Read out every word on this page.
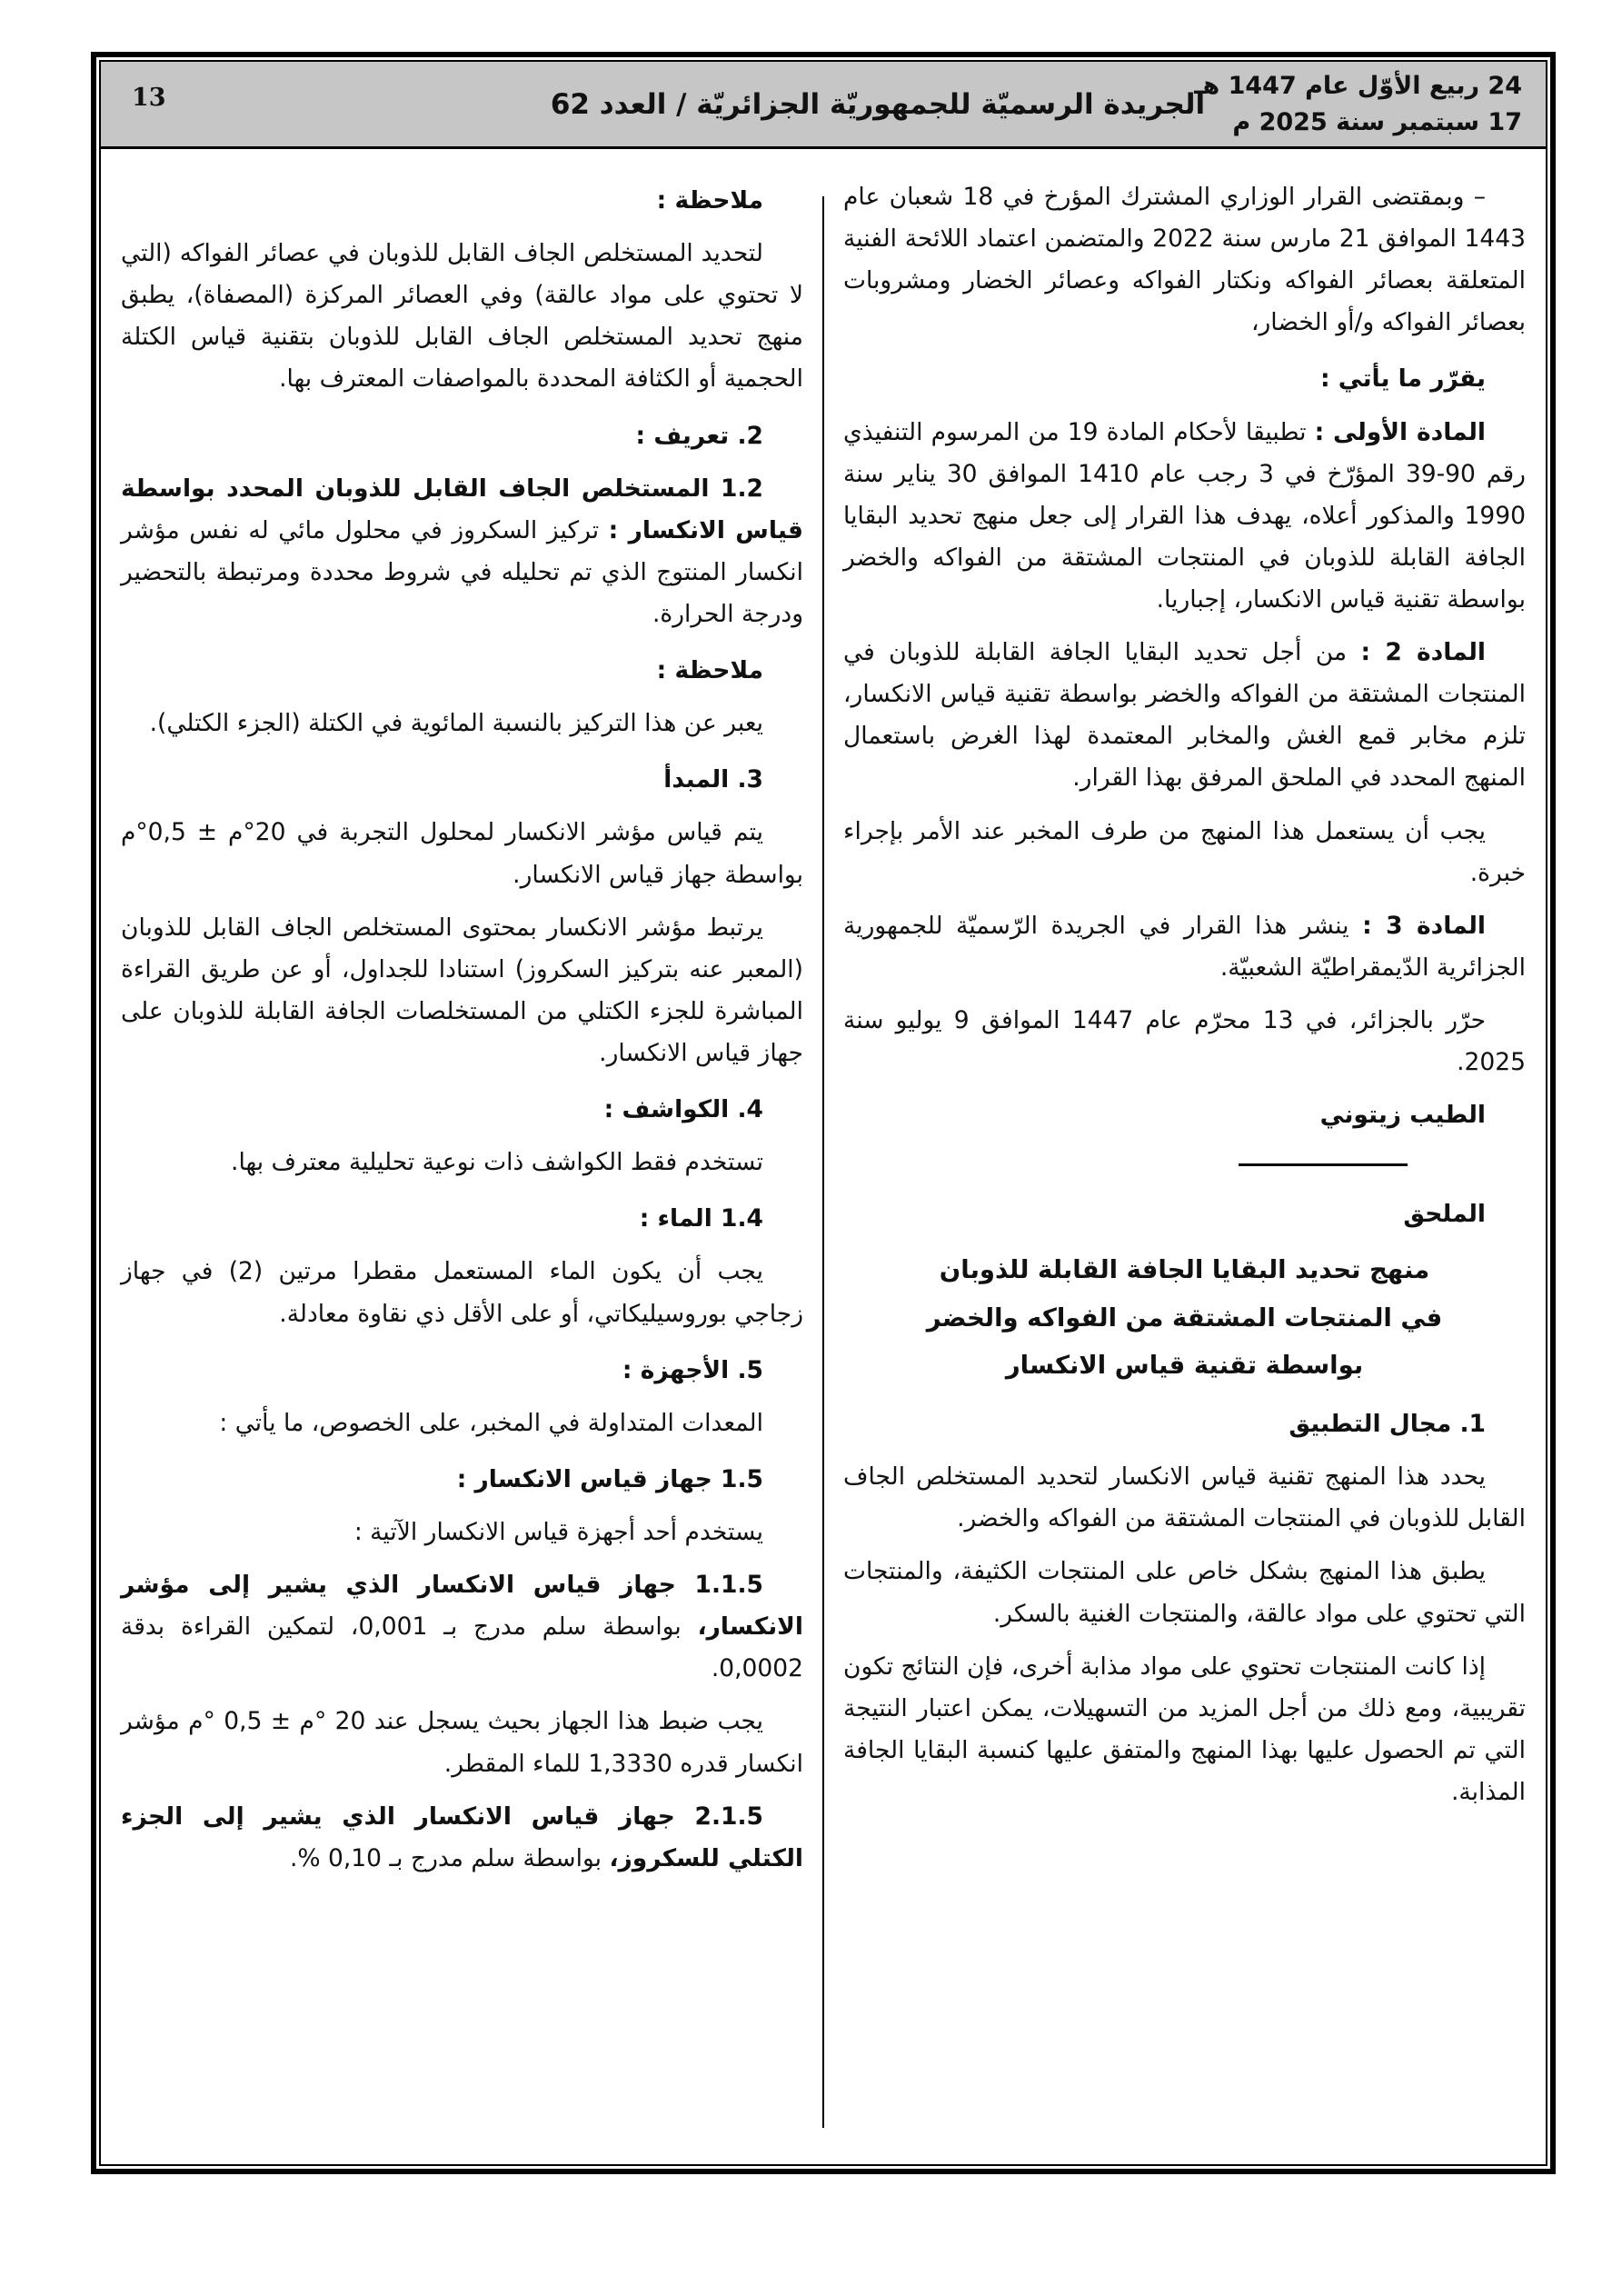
24 ربيع الأوّل عام 1447 هـ
17 سبتمبر سنة 2025 م
الجريدة الرسميّة للجمهوريّة الجزائريّة / العدد 62
13

– وبمقتضى القرار الوزاري المشترك المؤرخ في 18 شعبان عام 1443 الموافق 21 مارس سنة 2022 والمتضمن اعتماد اللائحة الفنية المتعلقة بعصائر الفواكه ونكتار الفواكه وعصائر الخضار ومشروبات بعصائر الفواكه و/أو الخضار،

يقرّر ما يأتي :

المادة الأولى : تطبيقا لأحكام المادة 19 من المرسوم التنفيذي رقم 90-39 المؤرّخ في 3 رجب عام 1410 الموافق 30 يناير سنة 1990 والمذكور أعلاه، يهدف هذا القرار إلى جعل منهج تحديد البقايا الجافة القابلة للذوبان في المنتجات المشتقة من الفواكه والخضر بواسطة تقنية قياس الانكسار، إجباريا.

المادة 2 : من أجل تحديد البقايا الجافة القابلة للذوبان في المنتجات المشتقة من الفواكه والخضر بواسطة تقنية قياس الانكسار، تلزم مخابر قمع الغش والمخابر المعتمدة لهذا الغرض باستعمال المنهج المحدد في الملحق المرفق بهذا القرار.

يجب أن يستعمل هذا المنهج من طرف المخبر عند الأمر بإجراء خبرة.

المادة 3 : ينشر هذا القرار في الجريدة الرّسميّة للجمهورية الجزائرية الدّيمقراطيّة الشعبيّة.

حرّر بالجزائر، في 13 محرّم عام 1447 الموافق 9 يوليو سنة 2025.

الطيب زيتوني

الملحق

منهج تحديد البقايا الجافة القابلة للذوبان
في المنتجات المشتقة من الفواكه والخضر
بواسطة تقنية قياس الانكسار
1. مجال التطبيق

يحدد هذا المنهج تقنية قياس الانكسار لتحديد المستخلص الجاف القابل للذوبان في المنتجات المشتقة من الفواكه والخضر.

يطبق هذا المنهج بشكل خاص على المنتجات الكثيفة، والمنتجات التي تحتوي على مواد عالقة، والمنتجات الغنية بالسكر.

إذا كانت المنتجات تحتوي على مواد مذابة أخرى، فإن النتائج تكون تقريبية، ومع ذلك من أجل المزيد من التسهيلات، يمكن اعتبار النتيجة التي تم الحصول عليها بهذا المنهج والمتفق عليها كنسبة البقايا الجافة المذابة.

ملاحظة :

لتحديد المستخلص الجاف القابل للذوبان في عصائر الفواكه (التي لا تحتوي على مواد عالقة) وفي العصائر المركزة (المصفاة)، يطبق منهج تحديد المستخلص الجاف القابل للذوبان بتقنية قياس الكتلة الحجمية أو الكثافة المحددة بالمواصفات المعترف بها.

2. تعريف :

1.2 المستخلص الجاف القابل للذوبان المحدد بواسطة قياس الانكسار : تركيز السكروز في محلول مائي له نفس مؤشر انكسار المنتوج الذي تم تحليله في شروط محددة ومرتبطة بالتحضير ودرجة الحرارة.

ملاحظة :

يعبر عن هذا التركيز بالنسبة المائوية في الكتلة (الجزء الكتلي).

3. المبدأ

يتم قياس مؤشر الانكسار لمحلول التجربة في 20°م ± 0,5°م بواسطة جهاز قياس الانكسار.

يرتبط مؤشر الانكسار بمحتوى المستخلص الجاف القابل للذوبان (المعبر عنه بتركيز السكروز) استنادا للجداول، أو عن طريق القراءة المباشرة للجزء الكتلي من المستخلصات الجافة القابلة للذوبان على جهاز قياس الانكسار.

4. الكواشف :

تستخدم فقط الكواشف ذات نوعية تحليلية معترف بها.

1.4 الماء :

يجب أن يكون الماء المستعمل مقطرا مرتين (2) في جهاز زجاجي بوروسيليكاتي، أو على الأقل ذي نقاوة معادلة.

5. الأجهزة :

المعدات المتداولة في المخبر، على الخصوص، ما يأتي :

1.5 جهاز قياس الانكسار :

يستخدم أحد أجهزة قياس الانكسار الآتية :

1.1.5 جهاز قياس الانكسار الذي يشير إلى مؤشر الانكسار، بواسطة سلم مدرج بـ 0,001، لتمكين القراءة بدقة 0,0002.

يجب ضبط هذا الجهاز بحيث يسجل عند 20 °م ± 0,5 °م مؤشر انكسار قدره 1,3330 للماء المقطر.

2.1.5 جهاز قياس الانكسار الذي يشير إلى الجزء الكتلي للسكروز، بواسطة سلم مدرج بـ 0,10 %.
